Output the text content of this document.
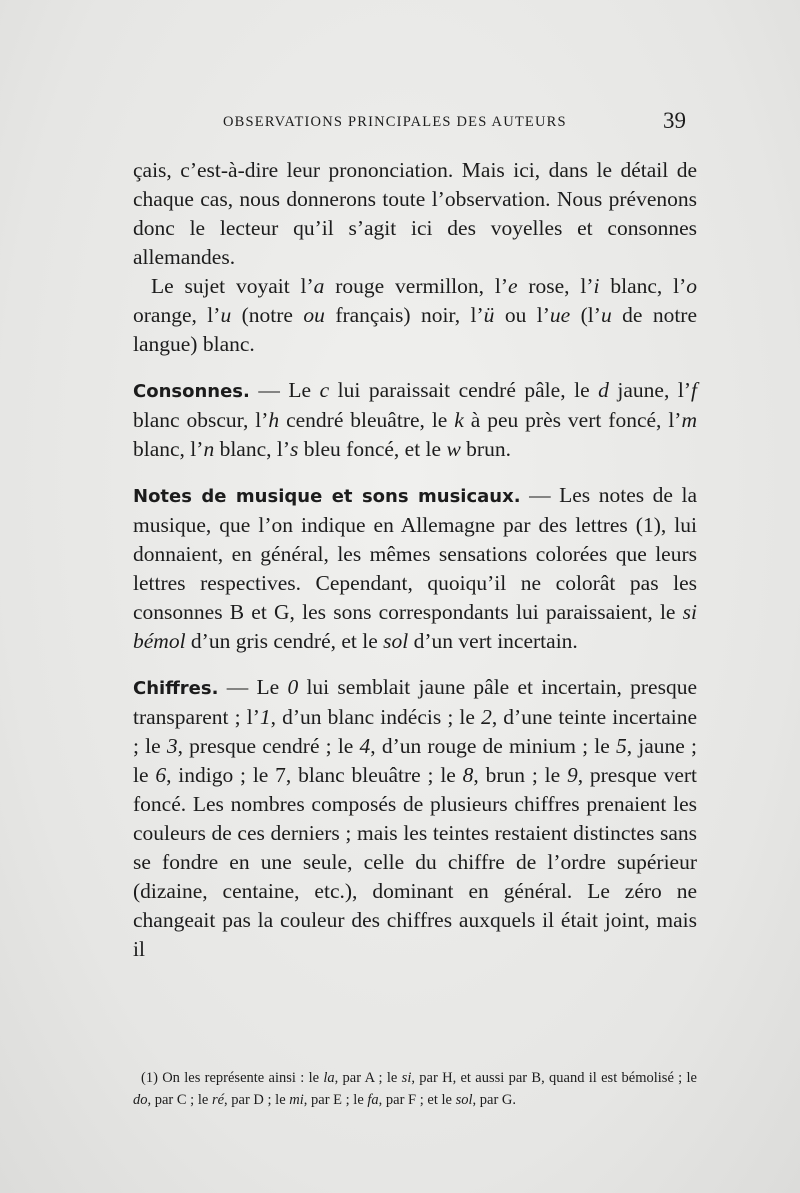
OBSERVATIONS PRINCIPALES DES AUTEURS	39

çais, c’est-à-dire leur prononciation. Mais ici, dans le détail de chaque cas, nous donnerons toute l’observation. Nous prévenons donc le lecteur qu’il s’agit ici des voyelles et consonnes allemandes.

Le sujet voyait l’a rouge vermillon, l’e rose, l’i blanc, l’o orange, l’u (notre ou français) noir, l’ü ou l’ue (l’u de notre langue) blanc.

Consonnes. — Le c lui paraissait cendré pâle, le d jaune, l’f blanc obscur, l’h cendré bleuâtre, le k à peu près vert foncé, l’m blanc, l’n blanc, l’s bleu foncé, et le w brun.

Notes de musique et sons musicaux. — Les notes de la musique, que l’on indique en Allemagne par des lettres (1), lui donnaient, en général, les mêmes sensations colorées que leurs lettres respectives. Cependant, quoiqu’il ne colorât pas les consonnes B et G, les sons correspondants lui paraissaient, le si bémol d’un gris cendré, et le sol d’un vert incertain.

Chiffres. — Le 0 lui semblait jaune pâle et incertain, presque transparent ; l’1, d’un blanc indécis ; le 2, d’une teinte incertaine ; le 3, presque cendré ; le 4, d’un rouge de minium ; le 5, jaune ; le 6, indigo ; le 7, blanc bleuâtre ; le 8, brun ; le 9, presque vert foncé. Les nombres composés de plusieurs chiffres prenaient les couleurs de ces derniers ; mais les teintes restaient distinctes sans se fondre en une seule, celle du chiffre de l’ordre supérieur (dizaine, centaine, etc.), dominant en général. Le zéro ne changeait pas la couleur des chiffres auxquels il était joint, mais il

(1) On les représente ainsi : le la, par A ; le si, par H, et aussi par B, quand il est bémolisé ; le do, par C ; le ré, par D ; le mi, par E ; le fa, par F ; et le sol, par G.
